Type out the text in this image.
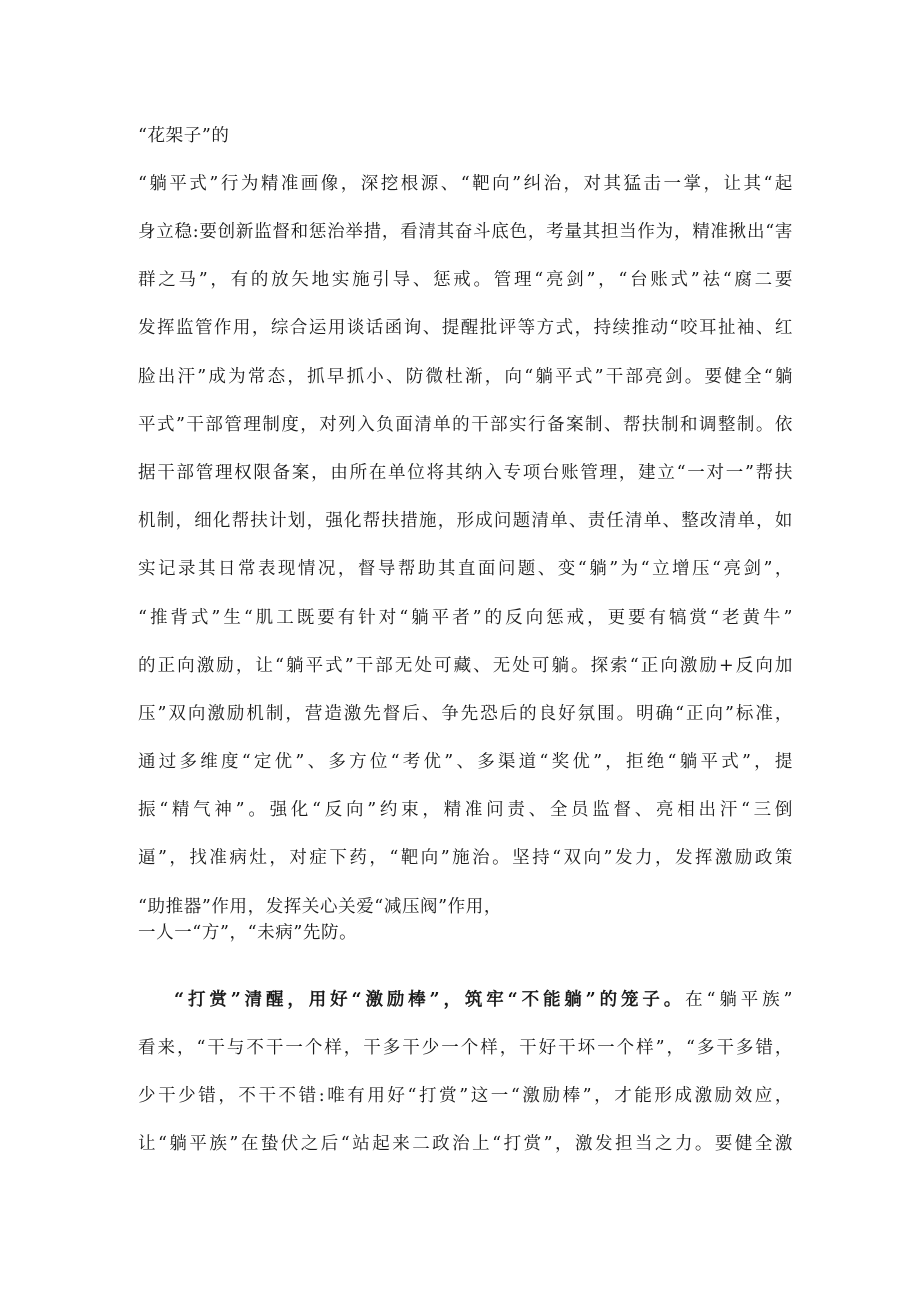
“花架子”的
“躺平式”行为精准画像，深挖根源、“靶向”纠治，对其猛击一掌，让其“起
身立稳:要创新监督和惩治举措，看清其奋斗底色，考量其担当作为，精准揪出“害
群之马”，有的放矢地实施引导、惩戒。管理“亮剑”，“台账式”祛“腐二要
发挥监管作用，综合运用谈话函询、提醒批评等方式，持续推动“咬耳扯袖、红
脸出汗”成为常态，抓早抓小、防微杜渐，向“躺平式”干部亮剑。要健全“躺
平式”干部管理制度，对列入负面清单的干部实行备案制、帮扶制和调整制。依
据干部管理权限备案，由所在单位将其纳入专项台账管理，建立“一对一”帮扶
机制，细化帮扶计划，强化帮扶措施，形成问题清单、责任清单、整改清单，如
实记录其日常表现情况，督导帮助其直面问题、变“躺”为“立增压“亮剑”，
“推背式”生“肌工既要有针对“躺平者”的反向惩戒，更要有犒赏“老黄牛”
的正向激励，让“躺平式”干部无处可藏、无处可躺。探索“正向激励+反向加
压”双向激励机制，营造激先督后、争先恐后的良好氛围。明确“正向”标准，
通过多维度“定优”、多方位“考优”、多渠道“奖优”，拒绝“躺平式”，提
振“精气神”。强化“反向”约束，精准问责、全员监督、亮相出汗“三倒
逼”，找准病灶，对症下药，“靶向”施治。坚持“双向”发力，发挥激励政策
“助推器”作用，发挥关心关爱“减压阀”作用，
一人一“方”，“未病”先防。
“打赏”清醒，用好“激励棒”，筑牢“不能躺”的笼子。在“躺平族”
看来，“干与不干一个样，干多干少一个样，干好干坏一个样”，“多干多错，
少干少错，不干不错:唯有用好“打赏”这一“激励棒”，才能形成激励效应，
让“躺平族”在蛰伏之后“站起来二政治上“打赏”，激发担当之力。要健全激
